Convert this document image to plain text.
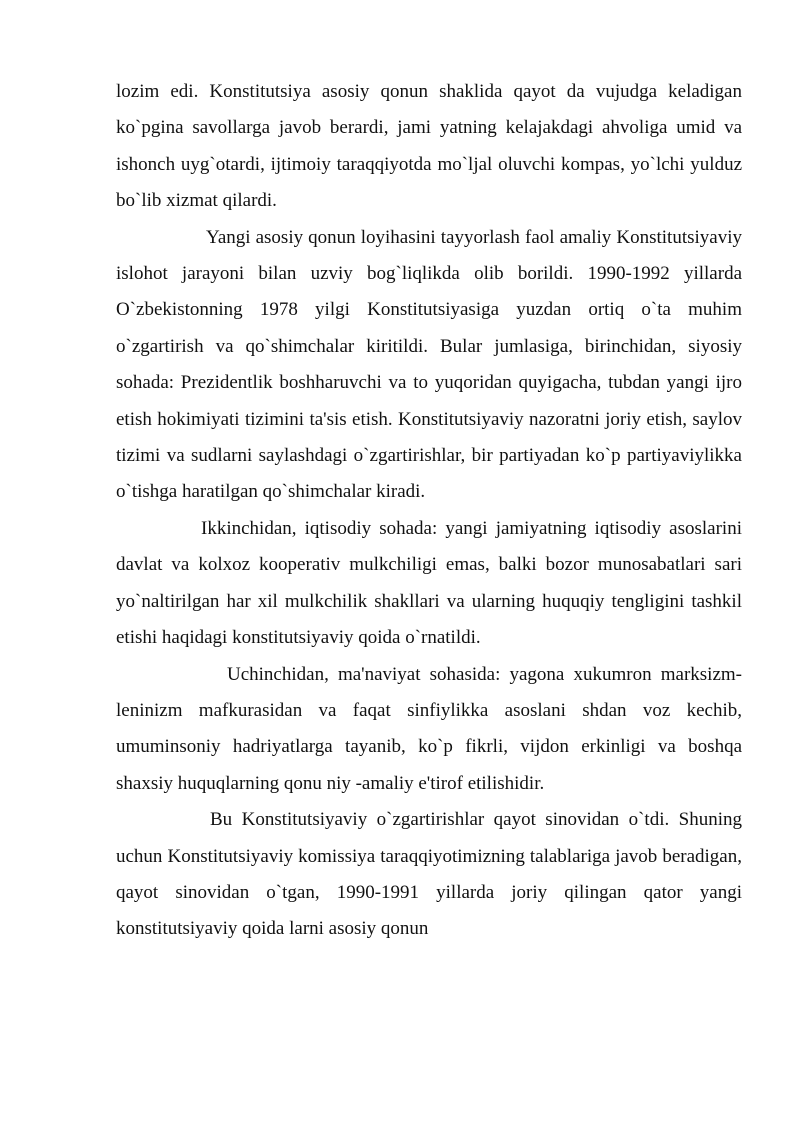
lozim edi. Konstitutsiya asosiy qonun shaklida qayot da vujudga keladigan ko`pgina savollarga javob berardi, jami yatning kelajakdagi ahvoliga umid va ishonch uyg`otardi, ijtimoiy taraqqiyotda mo`ljal oluvchi kompas, yo`lchi yulduz bo`lib xizmat qilardi.

Yangi asosiy qonun loyihasini tayyorlash faol amaliy Konstitutsiyaviy islohot jarayoni bilan uzviy bog`liqlikda olib borildi. 1990-1992 yillarda O`zbekistonning 1978 yilgi Konstitutsiyasiga yuzdan ortiq o`ta muhim o`zgartirish va qo`shimchalar kiritildi. Bular jumlasiga, birinchidan, siyosiy sohada: Prezidentlik boshharuvchi va to yuqoridan quyigacha, tubdan yangi ijro etish hokimiyati tizimini ta'sis etish. Konstitutsiyaviy nazoratni joriy etish, saylov tizimi va sudlarni saylashdagi o`zgartirishlar, bir partiyadan ko`p partiyaviylikka o`tishga haratilgan qo`shimchalar kiradi.

Ikkinchidan, iqtisodiy sohada: yangi jamiyatning iqtisodiy asoslarini davlat va kolxoz kooperativ mulkchiligi emas, balki bozor munosabatlari sari yo`naltirilgan har xil mulkchilik shakllari va ularning huquqiy tengligini tashkil etishi haqidagi konstitutsiyaviy qoida o`rnatildi.

Uchinchidan, ma'naviyat sohasida: yagona xukumron marksizm-leninizm mafkurasidan va faqat sinfiylikka asoslani shdan voz kechib, umuminsoniy hadriyatlarga tayanib, ko`p fikrli, vijdon erkinligi va boshqa shaxsiy huquqlarning qonu niy -amaliy e'tirof etilishidir.

Bu Konstitutsiyaviy o`zgartirishlar qayot sinovidan o`tdi. Shuning uchun Konstitutsiyaviy komissiya taraqqiyotimizning talablariga javob beradigan, qayot sinovidan o`tgan, 1990-1991 yillarda joriy qilingan qator yangi konstitutsiyaviy qoida larni asosiy qonun
